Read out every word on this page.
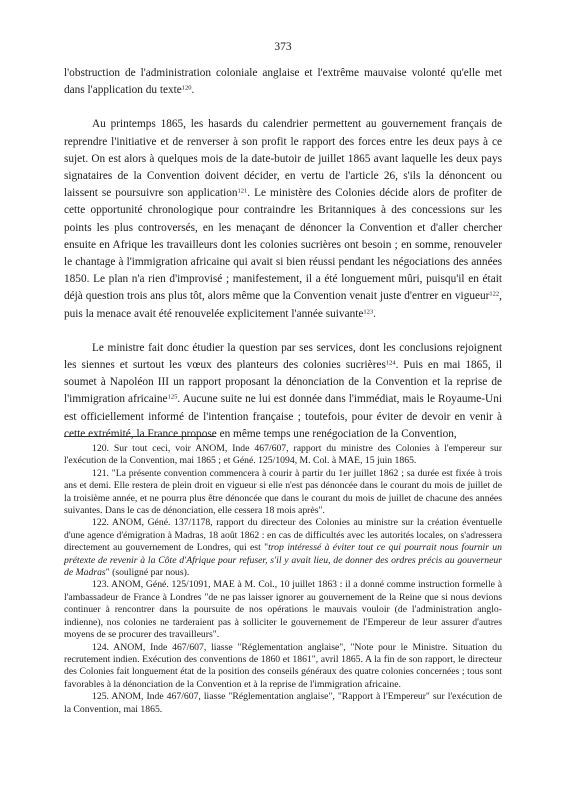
373

l'obstruction de l'administration coloniale anglaise et l'extrême mauvaise volonté qu'elle met dans l'application du texte$^{120}$.

Au printemps 1865, les hasards du calendrier permettent au gouvernement français de reprendre l'initiative et de renverser à son profit le rapport des forces entre les deux pays à ce sujet. On est alors à quelques mois de la date-butoir de juillet 1865 avant laquelle les deux pays signataires de la Convention doivent décider, en vertu de l'article 26, s'ils la dénoncent ou laissent se poursuivre son application$^{121}$. Le ministère des Colonies décide alors de profiter de cette opportunité chronologique pour contraindre les Britanniques à des concessions sur les points les plus controversés, en les menaçant de dénoncer la Convention et d'aller chercher ensuite en Afrique les travailleurs dont les colonies sucrières ont besoin ; en somme, renouveler le chantage à l'immigration africaine qui avait si bien réussi pendant les négociations des années 1850. Le plan n'a rien d'improvisé ; manifestement, il a été longuement mûri, puisqu'il en était déjà question trois ans plus tôt, alors même que la Convention venait juste d'entrer en vigueur$^{122}$, puis la menace avait été renouvelée explicitement l'année suivante$^{123}$.

Le ministre fait donc étudier la question par ses services, dont les conclusions rejoignent les siennes et surtout les vœux des planteurs des colonies sucrières$^{124}$. Puis en mai 1865, il soumet à Napoléon III un rapport proposant la dénonciation de la Convention et la reprise de l'immigration africaine$^{125}$. Aucune suite ne lui est donnée dans l'immédiat, mais le Royaume-Uni est officiellement informé de l'intention française ; toutefois, pour éviter de devoir en venir à cette extrémité, la France propose en même temps une renégociation de la Convention,

120. Sur tout ceci, voir ANOM, Inde 467/607, rapport du ministre des Colonies à l'empereur sur l'exécution de la Convention, mai 1865 ; et Géné. 125/1094, M. Col. à MAE, 15 juin 1865.

121. "La présente convention commencera à courir à partir du 1er juillet 1862 ; sa durée est fixée à trois ans et demi. Elle restera de plein droit en vigueur si elle n'est pas dénoncée dans le courant du mois de juillet de la troisième année, et ne pourra plus être dénoncée que dans le courant du mois de juillet de chacune des années suivantes. Dans le cas de dénonciation, elle cessera 18 mois après".

122. ANOM, Géné. 137/1178, rapport du directeur des Colonies au ministre sur la création éventuelle d'une agence d'émigration à Madras, 18 août 1862 : en cas de difficultés avec les autorités locales, on s'adressera directement au gouvernement de Londres, qui est "trop intéressé à éviter tout ce qui pourrait nous fournir un prétexte de revenir à la Côte d'Afrique pour refuser, s'il y avait lieu, de donner des ordres précis au gouverneur de Madras" (souligné par nous).

123. ANOM, Géné. 125/1091, MAE à M. Col., 10 juillet 1863 : il a donné comme instruction formelle à l'ambassadeur de France à Londres "de ne pas laisser ignorer au gouvernement de la Reine que si nous devions continuer à rencontrer dans la poursuite de nos opérations le mauvais vouloir (de l'administration anglo-indienne), nos colonies ne tarderaient pas à solliciter le gouvernement de l'Empereur de leur assurer d'autres moyens de se procurer des travailleurs".

124. ANOM, Inde 467/607, liasse "Réglementation anglaise", "Note pour le Ministre. Situation du recrutement indien. Exécution des conventions de 1860 et 1861", avril 1865. A la fin de son rapport, le directeur des Colonies fait longuement état de la position des conseils généraux des quatre colonies concernées ; tous sont favorables à la dénonciation de la Convention et à la reprise de l'immigration africaine.

125. ANOM, Inde 467/607, liasse "Réglementation anglaise", "Rapport à l'Empereur" sur l'exécution de la Convention, mai 1865.
